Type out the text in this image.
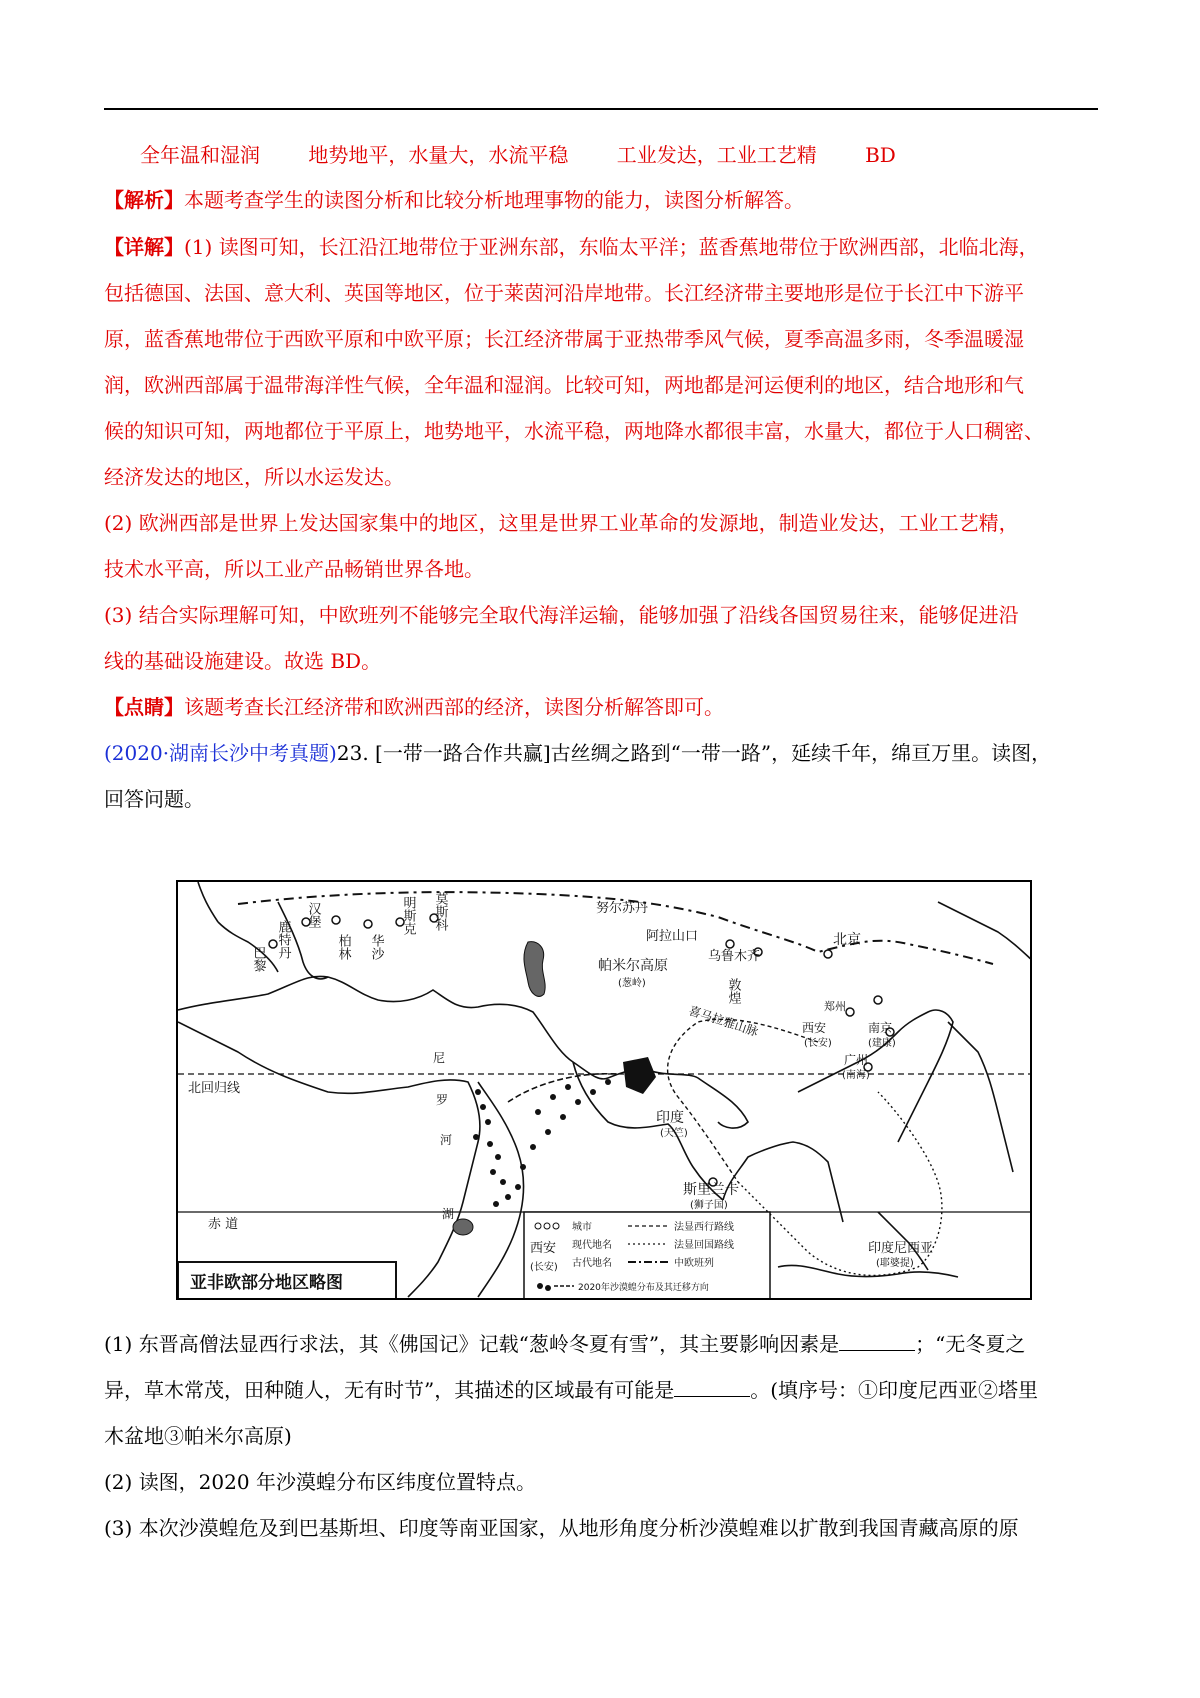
全年温和湿润 地势地平，水量大，水流平稳 工业发达，工业工艺精 BD
【解析】本题考查学生的读图分析和比较分析地理事物的能力，读图分析解答。
【详解】(1) 读图可知，长江沿江地带位于亚洲东部，东临太平洋；蓝香蕉地带位于欧洲西部，北临北海，
包括德国、法国、意大利、英国等地区，位于莱茵河沿岸地带。长江经济带主要地形是位于长江中下游平
原，蓝香蕉地带位于西欧平原和中欧平原；长江经济带属于亚热带季风气候，夏季高温多雨，冬季温暖湿
润，欧洲西部属于温带海洋性气候，全年温和湿润。比较可知，两地都是河运便利的地区，结合地形和气
候的知识可知，两地都位于平原上，地势地平，水流平稳，两地降水都很丰富，水量大，都位于人口稠密、
经济发达的地区，所以水运发达。
(2) 欧洲西部是世界上发达国家集中的地区，这里是世界工业革命的发源地，制造业发达，工业工艺精，
技术水平高，所以工业产品畅销世界各地。
(3) 结合实际理解可知，中欧班列不能够完全取代海洋运输，能够加强了沿线各国贸易往来，能够促进沿
线的基础设施建设。故选 BD。
【点睛】该题考查长江经济带和欧洲西部的经济，读图分析解答即可。
(2020·湖南长沙中考真题)23. [一带一路合作共赢]古丝绸之路到“一带一路”，延续千年，绵亘万里。读图，
回答问题。
巴黎 鹿特丹
汉堡
柏林 华沙
明斯克 莫斯科	努尔苏丹
阿拉山口
乌鲁木齐
帕米尔高原
(葱岭)	敦煌
北京
郑州
西安
(长安)
南京
(建康)
广州
(南海)
喜马拉雅山脉
印度
(天竺)
斯里兰卡
(狮子国)
印度尼西亚
(耶婆提)
北回归线
赤 道
尼
罗
河
湖
亚非欧部分地区略图
城市
西安
(长安)
现代地名
古代地名
法显西行路线
法显回国路线
中欧班列
2020年沙漠蝗分布及其迁移方向
(1) 东晋高僧法显西行求法，其《佛国记》记载“葱岭冬夏有雪”，其主要影响因素是	；“无冬夏之
异，草木常茂，田种随人，无有时节”，其描述的区域最有可能是	。(填序号：①印度尼西亚②塔里
木盆地③帕米尔高原)
(2) 读图，2020 年沙漠蝗分布区纬度位置特点。
(3) 本次沙漠蝗危及到巴基斯坦、印度等南亚国家，从地形角度分析沙漠蝗难以扩散到我国青藏高原的原
